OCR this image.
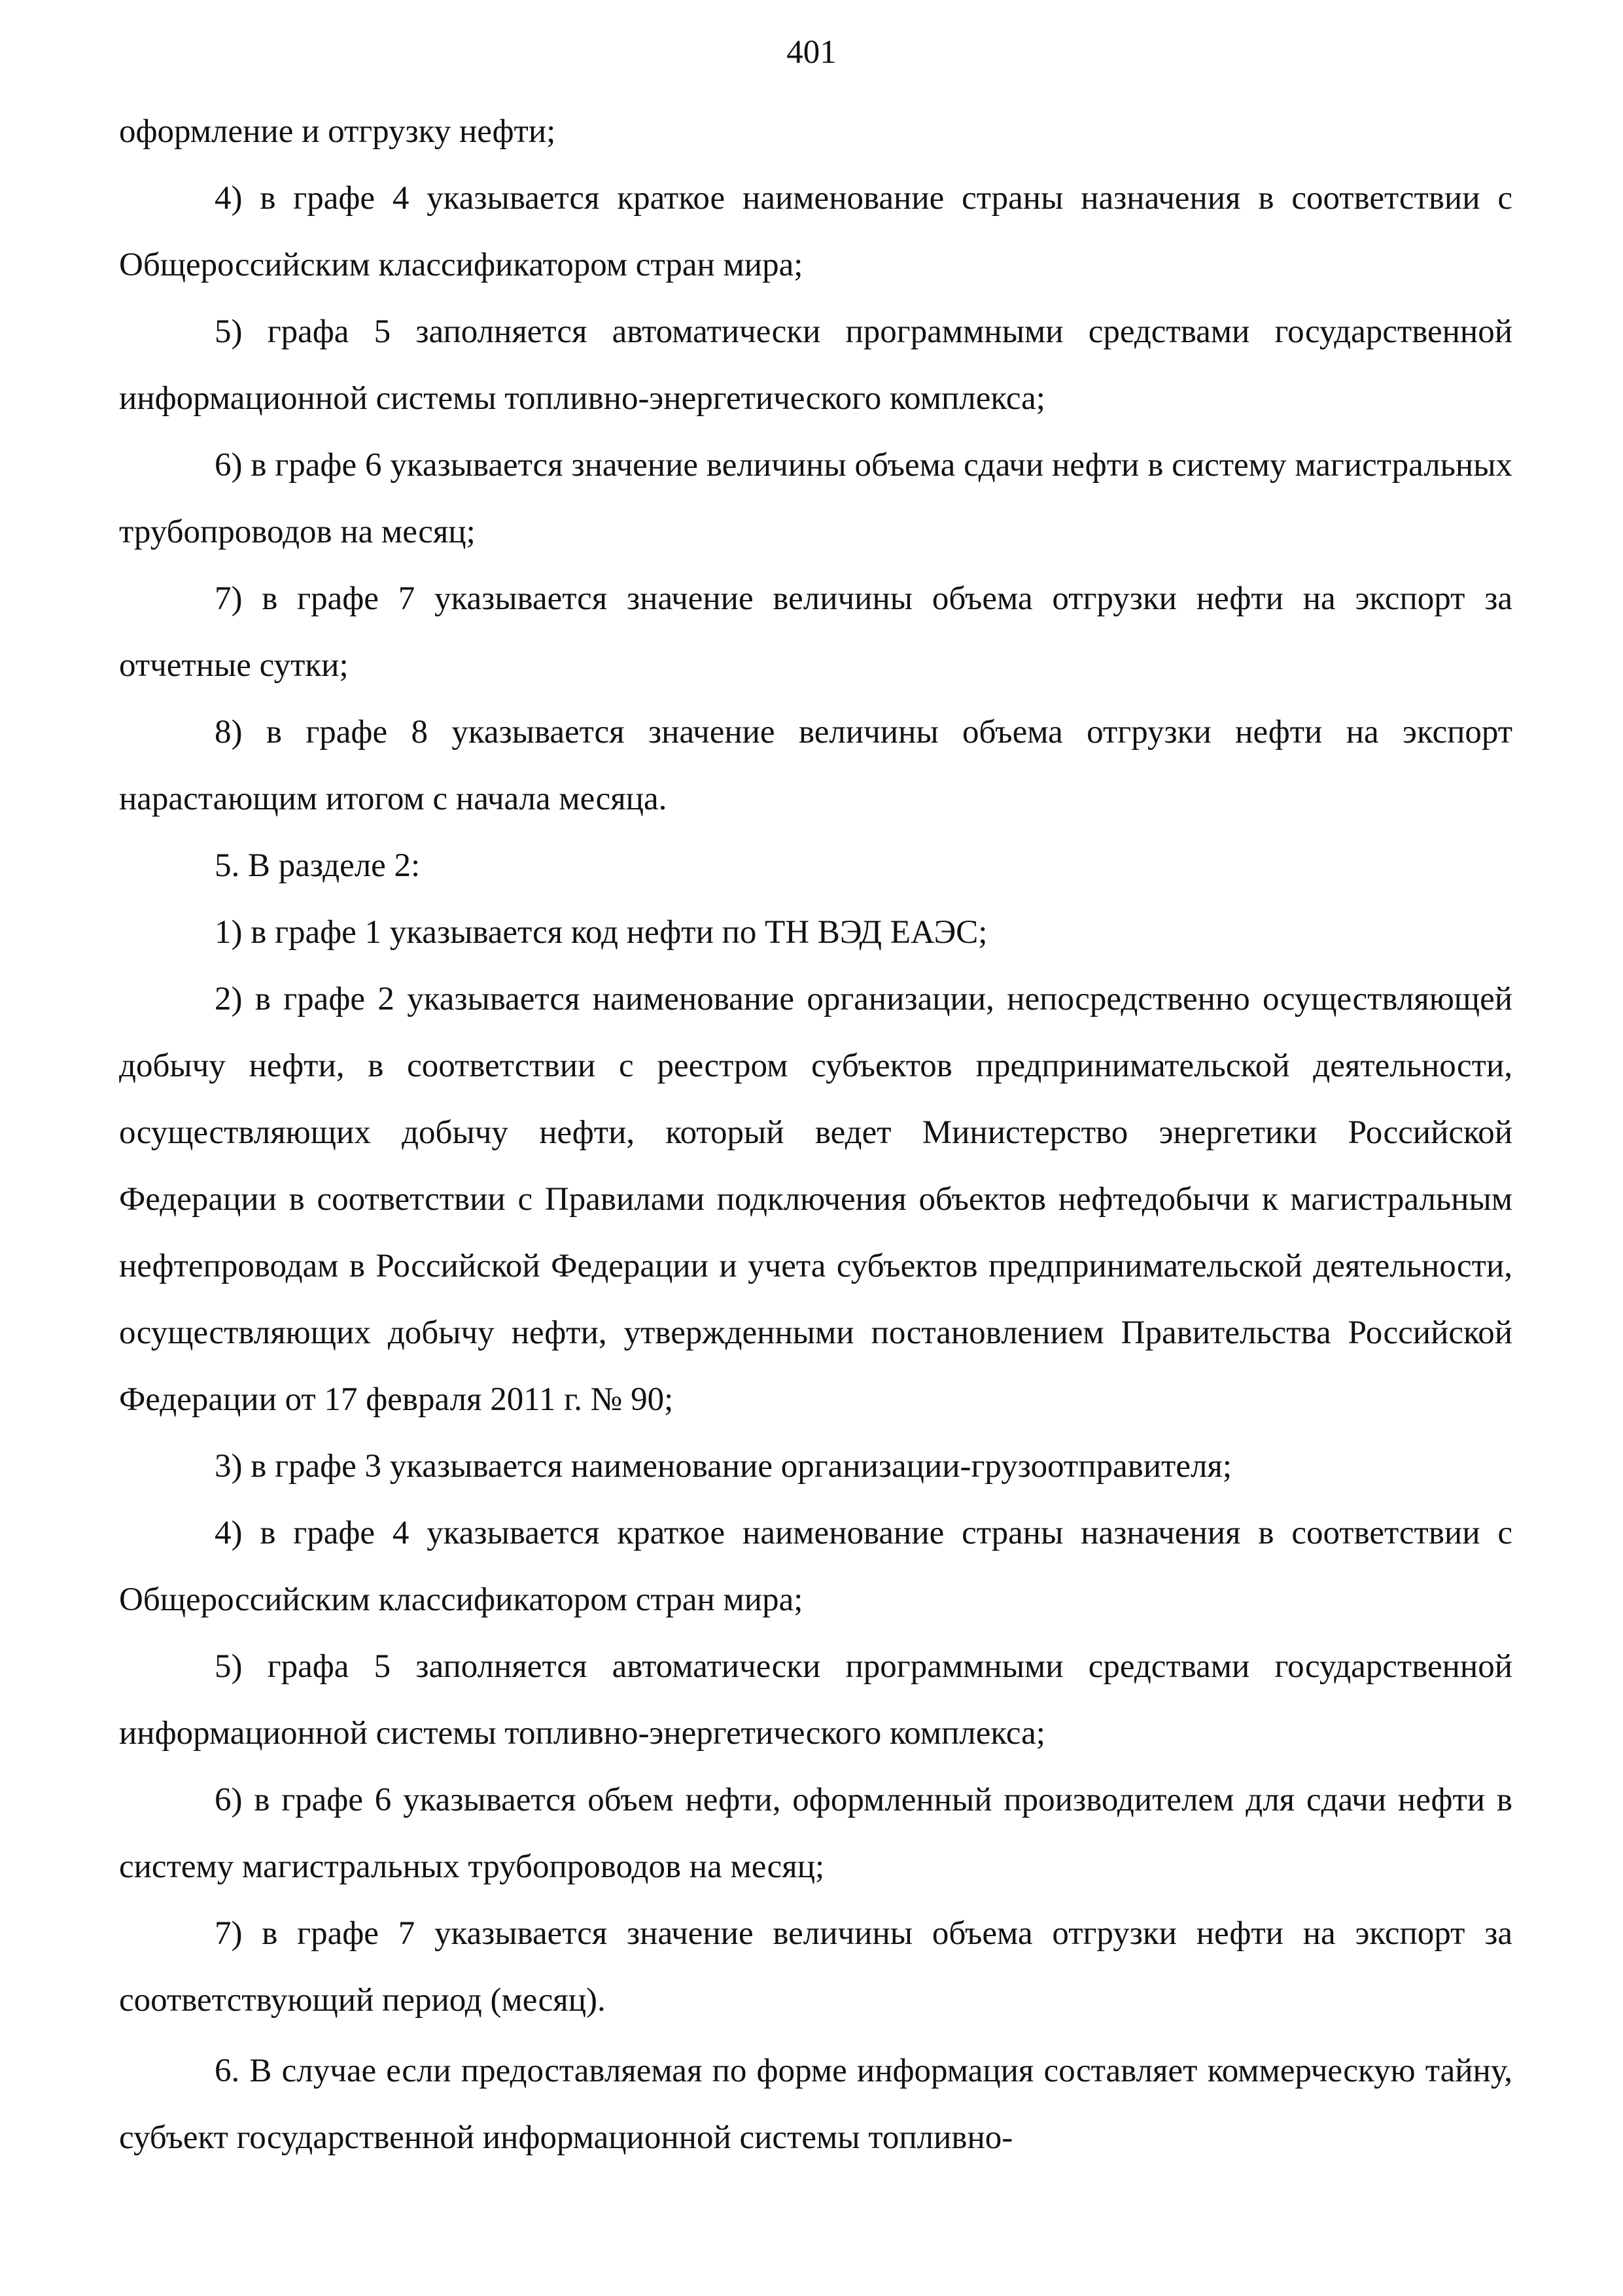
401

оформление и отгрузку нефти;

4) в графе 4 указывается краткое наименование страны назначения в соответствии с Общероссийским классификатором стран мира;

5) графа 5 заполняется автоматически программными средствами государственной информационной системы топливно-энергетического комплекса;

6) в графе 6 указывается значение величины объема сдачи нефти в систему магистральных трубопроводов на месяц;

7) в графе 7 указывается значение величины объема отгрузки нефти на экспорт за отчетные сутки;

8) в графе 8 указывается значение величины объема отгрузки нефти на экспорт нарастающим итогом с начала месяца.

5. В разделе 2:

1) в графе 1 указывается код нефти по ТН ВЭД ЕАЭС;

2) в графе 2 указывается наименование организации, непосредственно осуществляющей добычу нефти, в соответствии с реестром субъектов предпринимательской деятельности, осуществляющих добычу нефти, который ведет Министерство энергетики Российской Федерации в соответствии с Правилами подключения объектов нефтедобычи к магистральным нефтепроводам в Российской Федерации и учета субъектов предпринимательской деятельности, осуществляющих добычу нефти, утвержденными постановлением Правительства Российской Федерации от 17 февраля 2011 г. № 90;

3) в графе 3 указывается наименование организации-грузоотправителя;

4) в графе 4 указывается краткое наименование страны назначения в соответствии с Общероссийским классификатором стран мира;

5) графа 5 заполняется автоматически программными средствами государственной информационной системы топливно-энергетического комплекса;

6) в графе 6 указывается объем нефти, оформленный производителем для сдачи нефти в систему магистральных трубопроводов на месяц;

7) в графе 7 указывается значение величины объема отгрузки нефти на экспорт за соответствующий период (месяц).

6. В случае если предоставляемая по форме информация составляет коммерческую тайну, субъект государственной информационной системы топливно-
